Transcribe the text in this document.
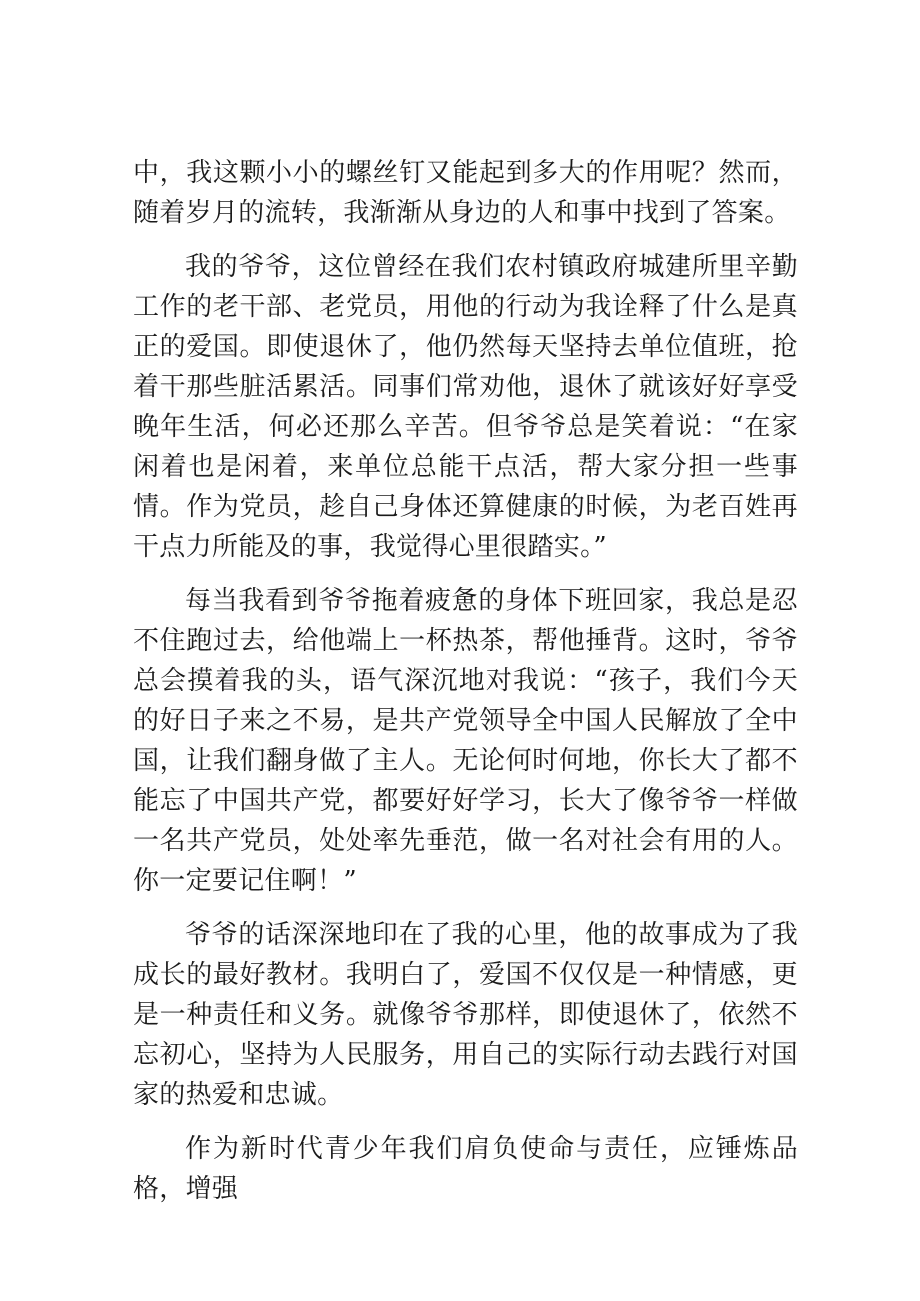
中，我这颗小小的螺丝钉又能起到多大的作用呢？然而，随着岁月的流转，我渐渐从身边的人和事中找到了答案。

我的爷爷，这位曾经在我们农村镇政府城建所里辛勤工作的老干部、老党员，用他的行动为我诠释了什么是真正的爱国。即使退休了，他仍然每天坚持去单位值班，抢着干那些脏活累活。同事们常劝他，退休了就该好好享受晚年生活，何必还那么辛苦。但爷爷总是笑着说：“在家闲着也是闲着，来单位总能干点活，帮大家分担一些事情。作为党员，趁自己身体还算健康的时候，为老百姓再干点力所能及的事，我觉得心里很踏实。”

每当我看到爷爷拖着疲惫的身体下班回家，我总是忍不住跑过去，给他端上一杯热茶，帮他捶背。这时，爷爷总会摸着我的头，语气深沉地对我说：“孩子，我们今天的好日子来之不易，是共产党领导全中国人民解放了全中国，让我们翻身做了主人。无论何时何地，你长大了都不能忘了中国共产党，都要好好学习，长大了像爷爷一样做一名共产党员，处处率先垂范，做一名对社会有用的人。你一定要记住啊！”

爷爷的话深深地印在了我的心里，他的故事成为了我成长的最好教材。我明白了，爱国不仅仅是一种情感，更是一种责任和义务。就像爷爷那样，即使退休了，依然不忘初心，坚持为人民服务，用自己的实际行动去践行对国家的热爱和忠诚。

作为新时代青少年我们肩负使命与责任，应锤炼品格，增强
